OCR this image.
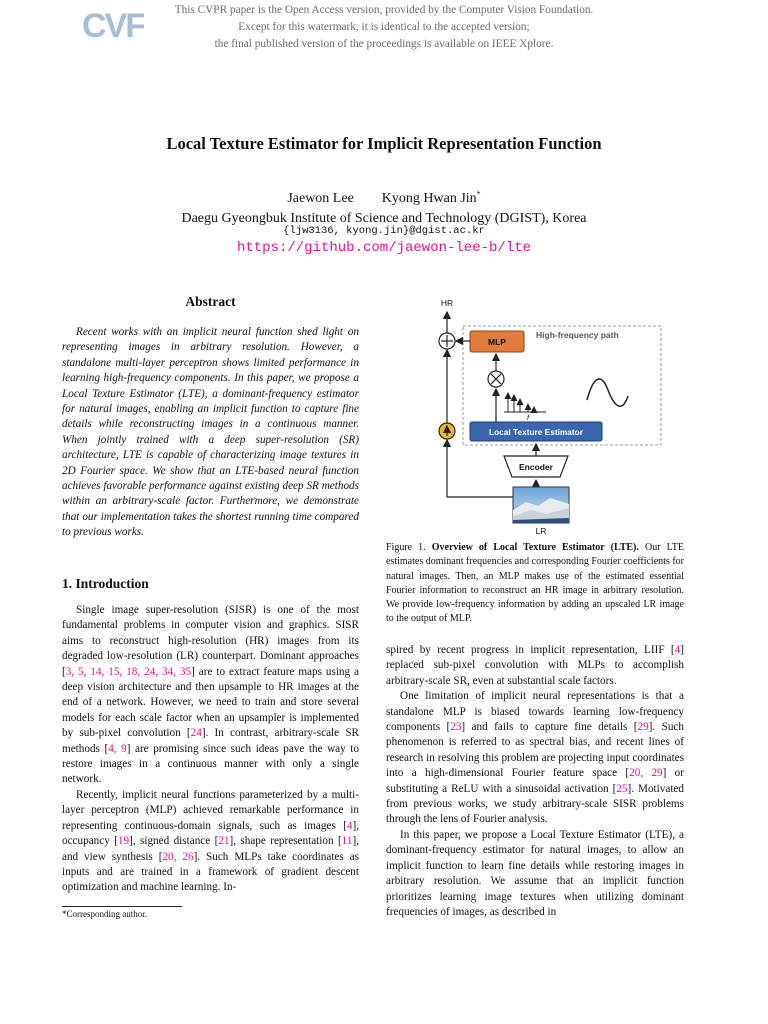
This CVPR paper is the Open Access version, provided by the Computer Vision Foundation.
Except for this watermark, it is identical to the accepted version;
the final published version of the proceedings is available on IEEE Xplore.
CVF
Local Texture Estimator for Implicit Representation Function
Jaewon Lee Kyong Hwan Jin*
Daegu Gyeongbuk Institute of Science and Technology (DGIST), Korea
{ljw3136, kyong.jin}@dgist.ac.kr
https://github.com/jaewon-lee-b/lte
Abstract

Recent works with an implicit neural function shed light on representing images in arbitrary resolution. However, a standalone multi-layer perceptron shows limited performance in learning high-frequency components. In this paper, we propose a Local Texture Estimator (LTE), a dominant-frequency estimator for natural images, enabling an implicit function to capture fine details while reconstructing images in a continuous manner. When jointly trained with a deep super-resolution (SR) architecture, LTE is capable of characterizing image textures in 2D Fourier space. We show that an LTE-based neural function achieves favorable performance against existing deep SR methods within an arbitrary-scale factor. Furthermore, we demonstrate that our implementation takes the shortest running time compared to previous works.

1. Introduction

Single image super-resolution (SISR) is one of the most fundamental problems in computer vision and graphics. SISR aims to reconstruct high-resolution (HR) images from its degraded low-resolution (LR) counterpart. Dominant approaches [3, 5, 14, 15, 18, 24, 34, 35] are to extract feature maps using a deep vision architecture and then upsample to HR images at the end of a network. However, we need to train and store several models for each scale factor when an upsampler is implemented by sub-pixel convolution [24]. In contrast, arbitrary-scale SR methods [4, 9] are promising since such ideas pave the way to restore images in a continuous manner with only a single network.

Recently, implicit neural functions parameterized by a multi-layer perceptron (MLP) achieved remarkable performance in representing continuous-domain signals, such as images [4], occupancy [19], signed distance [21], shape representation [11], and view synthesis [20, 26]. Such MLPs take coordinates as inputs and are trained in a framework of gradient descent optimization and machine learning. In-

*Corresponding author.
HR
High-frequency path
MLP
f
Local Texture Estimator
Encoder
LR
Figure 1. Overview of Local Texture Estimator (LTE). Our LTE estimates dominant frequencies and corresponding Fourier coefficients for natural images. Then, an MLP makes use of the estimated essential Fourier information to reconstruct an HR image in arbitrary resolution. We provide low-frequency information by adding an upscaled LR image to the output of MLP.

spired by recent progress in implicit representation, LIIF [4] replaced sub-pixel convolution with MLPs to accomplish arbitrary-scale SR, even at substantial scale factors.

One limitation of implicit neural representations is that a standalone MLP is biased towards learning low-frequency components [23] and fails to capture fine details [29]. Such phenomenon is referred to as spectral bias, and recent lines of research in resolving this problem are projecting input coordinates into a high-dimensional Fourier feature space [20, 29] or substituting a ReLU with a sinusoidal activation [25]. Motivated from previous works, we study arbitrary-scale SISR problems through the lens of Fourier analysis.

In this paper, we propose a Local Texture Estimator (LTE), a dominant-frequency estimator for natural images, to allow an implicit function to learn fine details while restoring images in arbitrary resolution. We assume that an implicit function prioritizes learning image textures when utilizing dominant frequencies of images, as described in
